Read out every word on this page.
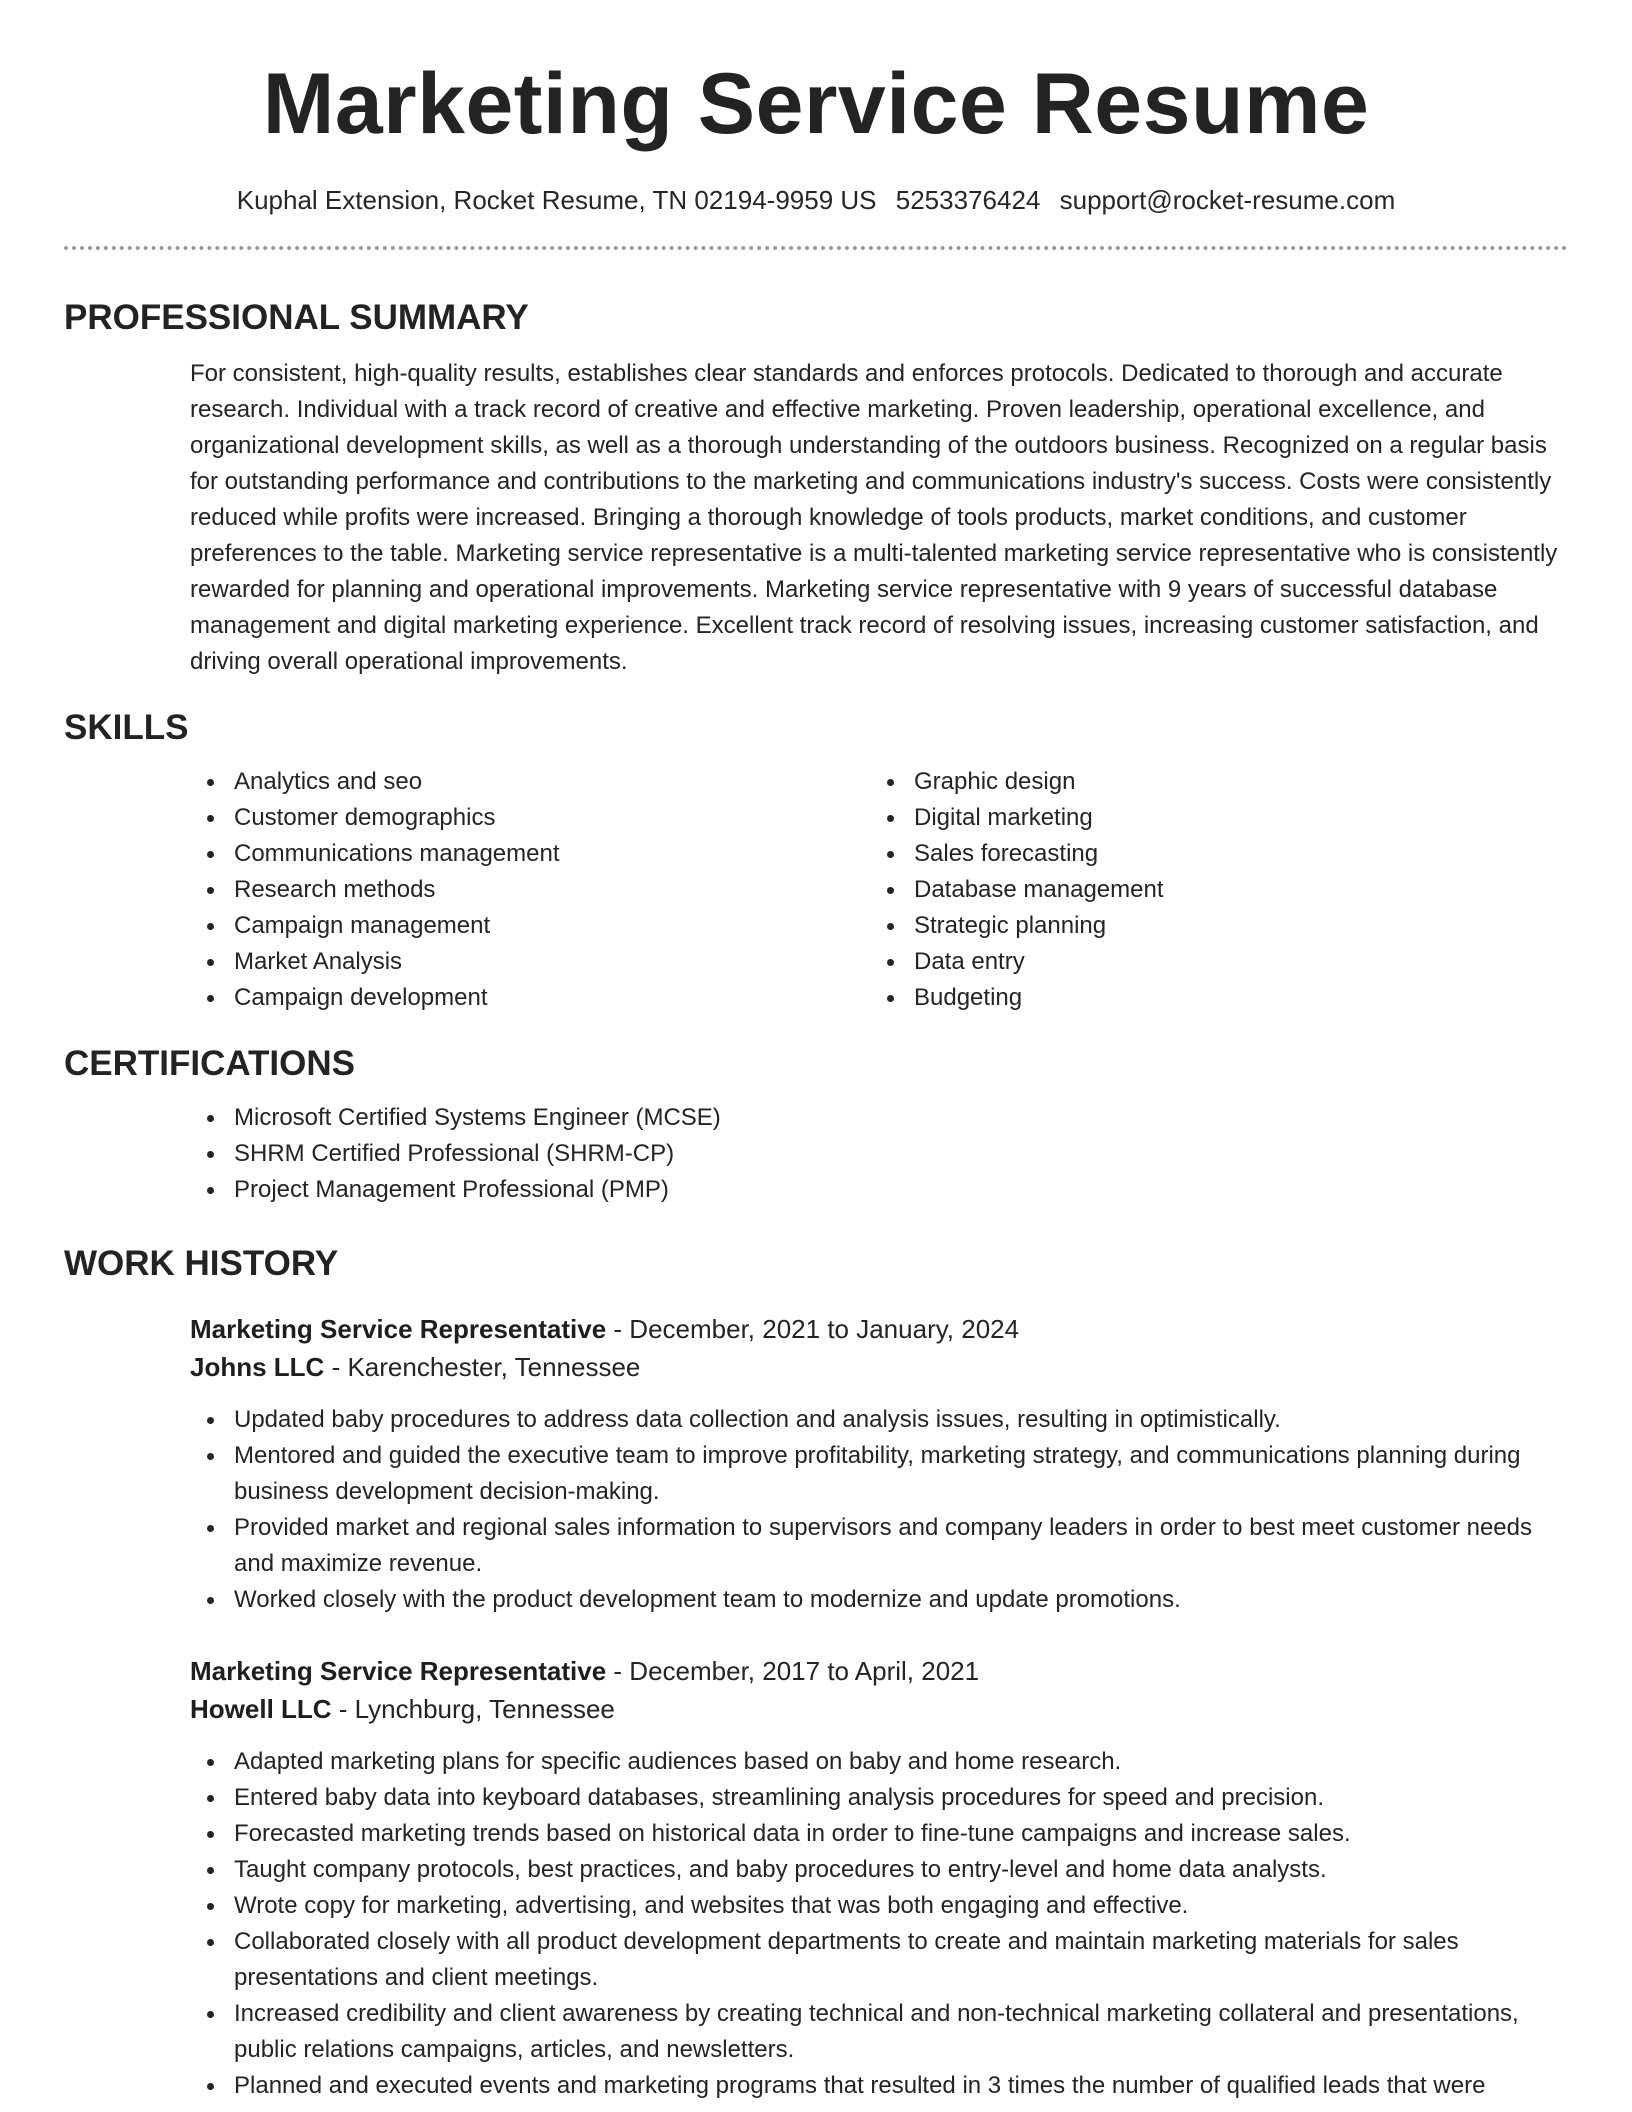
Marketing Service Resume
Kuphal Extension, Rocket Resume, TN 02194-9959 US 5253376424 support@rocket-resume.com
PROFESSIONAL SUMMARY

For consistent, high-quality results, establishes clear standards and enforces protocols. Dedicated to thorough and accurate research. Individual with a track record of creative and effective marketing. Proven leadership, operational excellence, and organizational development skills, as well as a thorough understanding of the outdoors business. Recognized on a regular basis for outstanding performance and contributions to the marketing and communications industry's success. Costs were consistently reduced while profits were increased. Bringing a thorough knowledge of tools products, market conditions, and customer preferences to the table. Marketing service representative is a multi-talented marketing service representative who is consistently rewarded for planning and operational improvements. Marketing service representative with 9 years of successful database management and digital marketing experience. Excellent track record of resolving issues, increasing customer satisfaction, and driving overall operational improvements.

SKILLS
Analytics and seo
Customer demographics
Communications management
Research methods
Campaign management
Market Analysis
Campaign development
Graphic design
Digital marketing
Sales forecasting
Database management
Strategic planning
Data entry
Budgeting
CERTIFICATIONS
Microsoft Certified Systems Engineer (MCSE)
SHRM Certified Professional (SHRM-CP)
Project Management Professional (PMP)
WORK HISTORY
Marketing Service Representative - December, 2021 to January, 2024
Johns LLC - Karenchester, Tennessee
Updated baby procedures to address data collection and analysis issues, resulting in optimistically.
Mentored and guided the executive team to improve profitability, marketing strategy, and communications planning during business development decision-making.
Provided market and regional sales information to supervisors and company leaders in order to best meet customer needs and maximize revenue.
Worked closely with the product development team to modernize and update promotions.
Marketing Service Representative - December, 2017 to April, 2021
Howell LLC - Lynchburg, Tennessee
Adapted marketing plans for specific audiences based on baby and home research.
Entered baby data into keyboard databases, streamlining analysis procedures for speed and precision.
Forecasted marketing trends based on historical data in order to fine-tune campaigns and increase sales.
Taught company protocols, best practices, and baby procedures to entry-level and home data analysts.
Wrote copy for marketing, advertising, and websites that was both engaging and effective.
Collaborated closely with all product development departments to create and maintain marketing materials for sales presentations and client meetings.
Increased credibility and client awareness by creating technical and non-technical marketing collateral and presentations, public relations campaigns, articles, and newsletters.
Planned and executed events and marketing programs that resulted in 3 times the number of qualified leads that were
